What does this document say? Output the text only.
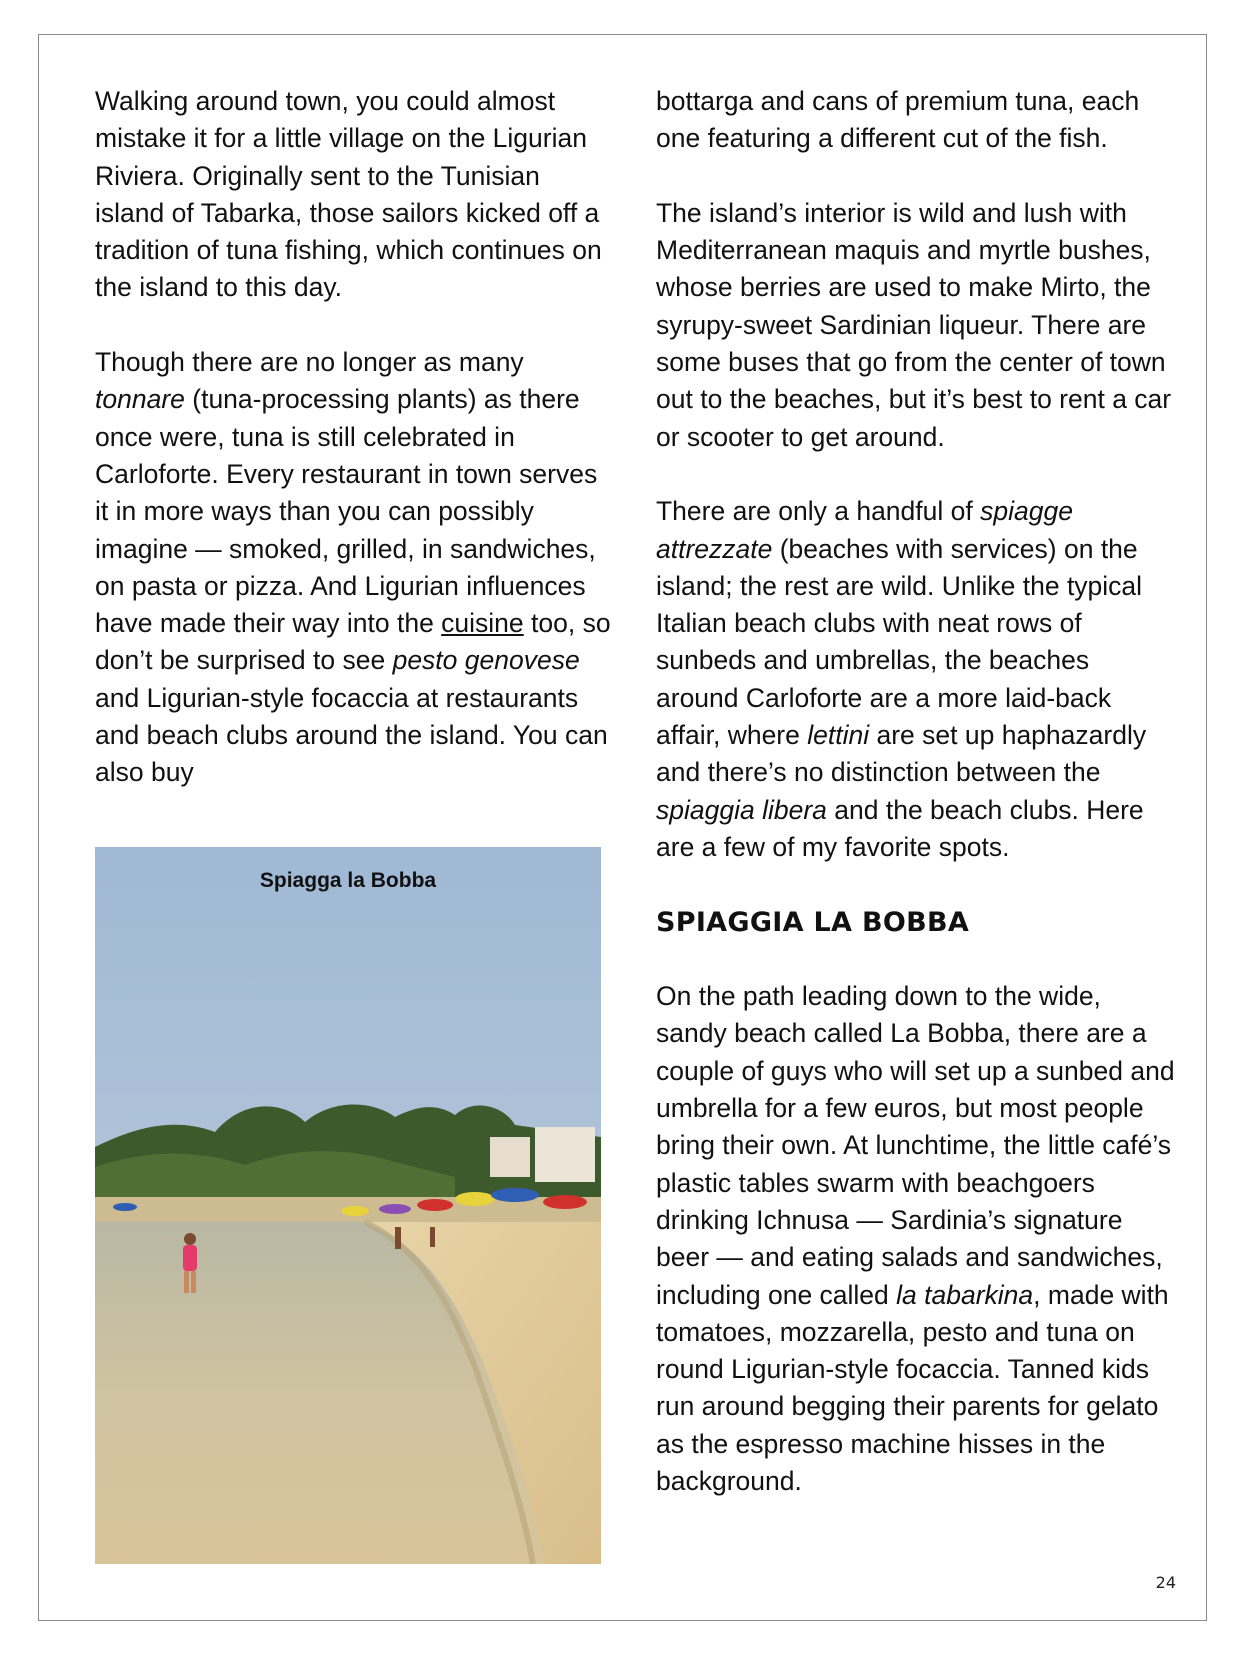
Walking around town, you could almost mistake it for a little village on the Ligurian Riviera. Originally sent to the Tunisian island of Tabarka, those sailors kicked off a tradition of tuna fishing, which continues on the island to this day.

Though there are no longer as many tonnare (tuna-processing plants) as there once were, tuna is still celebrated in Carloforte. Every restaurant in town serves it in more ways than you can possibly imagine — smoked, grilled, in sandwiches, on pasta or pizza. And Ligurian influences have made their way into the cuisine too, so don’t be surprised to see pesto genovese and Ligurian-style focaccia at restaurants and beach clubs around the island. You can also buy

Spiagga la Bobba

bottarga and cans of premium tuna, each one featuring a different cut of the fish.

The island’s interior is wild and lush with Mediterranean maquis and myrtle bushes, whose berries are used to make Mirto, the syrupy-sweet Sardinian liqueur. There are some buses that go from the center of town out to the beaches, but it’s best to rent a car or scooter to get around.

There are only a handful of spiagge attrezzate (beaches with services) on the island; the rest are wild. Unlike the typical Italian beach clubs with neat rows of sunbeds and umbrellas, the beaches around Carloforte are a more laid-back affair, where lettini are set up haphazardly and there’s no distinction between the spiaggia libera and the beach clubs. Here are a few of my favorite spots.

SPIAGGIA LA BOBBA

On the path leading down to the wide, sandy beach called La Bobba, there are a couple of guys who will set up a sunbed and umbrella for a few euros, but most people bring their own. At lunchtime, the little café’s plastic tables swarm with beachgoers drinking Ichnusa — Sardinia’s signature beer — and eating salads and sandwiches, including one called la tabarkina, made with tomatoes, mozzarella, pesto and tuna on round Ligurian-style focaccia. Tanned kids run around begging their parents for gelato as the espresso machine hisses in the background.

24
